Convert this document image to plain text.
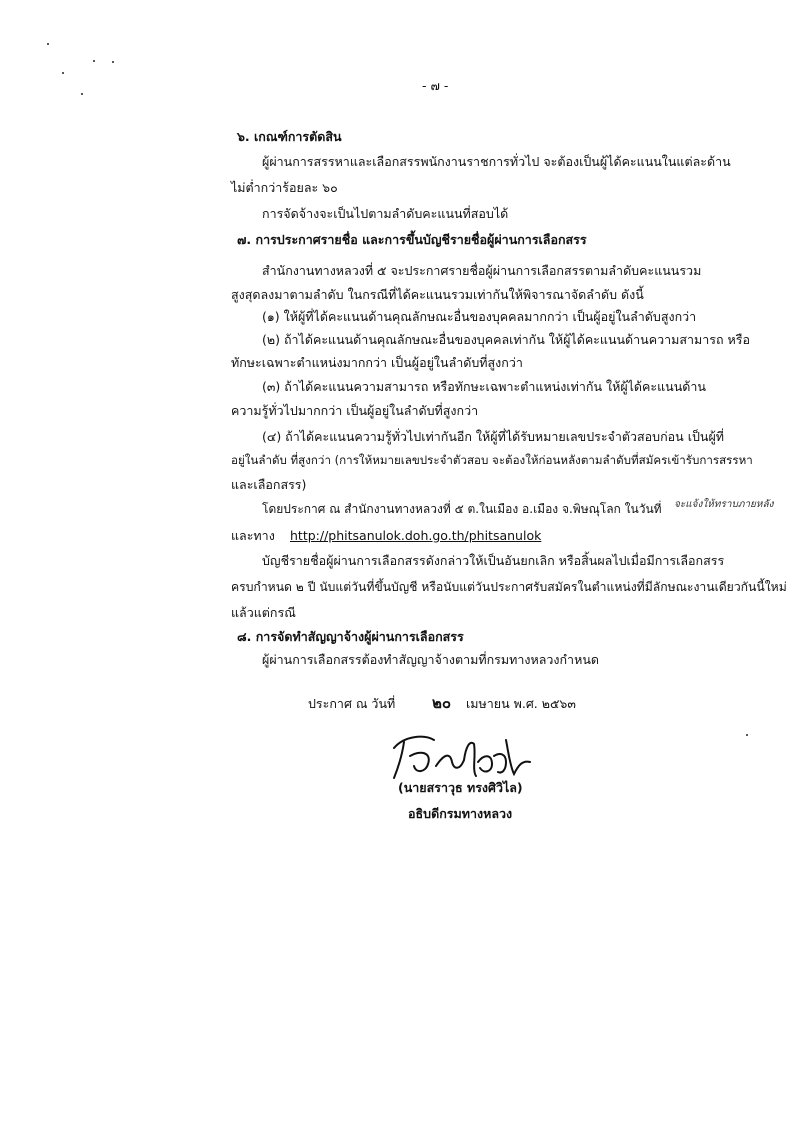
- ๗ -
๖. เกณฑ์การตัดสิน
ผู้ผ่านการสรรหาและเลือกสรรพนักงานราชการทั่วไป จะต้องเป็นผู้ได้คะแนนในแต่ละด้าน
ไม่ต่ำกว่าร้อยละ ๖๐
การจัดจ้างจะเป็นไปตามลำดับคะแนนที่สอบได้
๗. การประกาศรายชื่อ และการขึ้นบัญชีรายชื่อผู้ผ่านการเลือกสรร
สำนักงานทางหลวงที่ ๕ จะประกาศรายชื่อผู้ผ่านการเลือกสรรตามลำดับคะแนนรวม
สูงสุดลงมาตามลำดับ ในกรณีที่ได้คะแนนรวมเท่ากันให้พิจารณาจัดลำดับ ดังนี้
(๑) ให้ผู้ที่ได้คะแนนด้านคุณลักษณะอื่นของบุคคลมากกว่า เป็นผู้อยู่ในลำดับสูงกว่า
(๒) ถ้าได้คะแนนด้านคุณลักษณะอื่นของบุคคลเท่ากัน ให้ผู้ได้คะแนนด้านความสามารถ หรือ
ทักษะเฉพาะตำแหน่งมากกว่า เป็นผู้อยู่ในลำดับที่สูงกว่า
(๓) ถ้าได้คะแนนความสามารถ หรือทักษะเฉพาะตำแหน่งเท่ากัน ให้ผู้ได้คะแนนด้าน
ความรู้ทั่วไปมากกว่า เป็นผู้อยู่ในลำดับที่สูงกว่า
(๔) ถ้าได้คะแนนความรู้ทั่วไปเท่ากันอีก ให้ผู้ที่ได้รับหมายเลขประจำตัวสอบก่อน เป็นผู้ที่
อยู่ในลำดับ ที่สูงกว่า (การให้หมายเลขประจำตัวสอบ จะต้องให้ก่อนหลังตามลำดับที่สมัครเข้ารับการสรรหา
และเลือกสรร)
โดยประกาศ ณ สำนักงานทางหลวงที่ ๕ ต.ในเมือง อ.เมือง จ.พิษณุโลก ในวันที่ จะแจ้งให้ทราบภายหลัง
และทาง http://phitsanulok.doh.go.th/phitsanulok
บัญชีรายชื่อผู้ผ่านการเลือกสรรดังกล่าวให้เป็นอันยกเลิก หรือสิ้นผลไปเมื่อมีการเลือกสรร
ครบกำหนด ๒ ปี นับแต่วันที่ขึ้นบัญชี หรือนับแต่วันประกาศรับสมัครในตำแหน่งที่มีลักษณะงานเดียวกันนี้ใหม่
แล้วแต่กรณี
๘. การจัดทำสัญญาจ้างผู้ผ่านการเลือกสรร
ผู้ผ่านการเลือกสรรต้องทำสัญญาจ้างตามที่กรมทางหลวงกำหนด
ประกาศ ณ วันที่ ๒๐ เมษายน พ.ศ. ๒๕๖๓
(นายสราวุธ ทรงศิวิไล)
อธิบดีกรมทางหลวง
